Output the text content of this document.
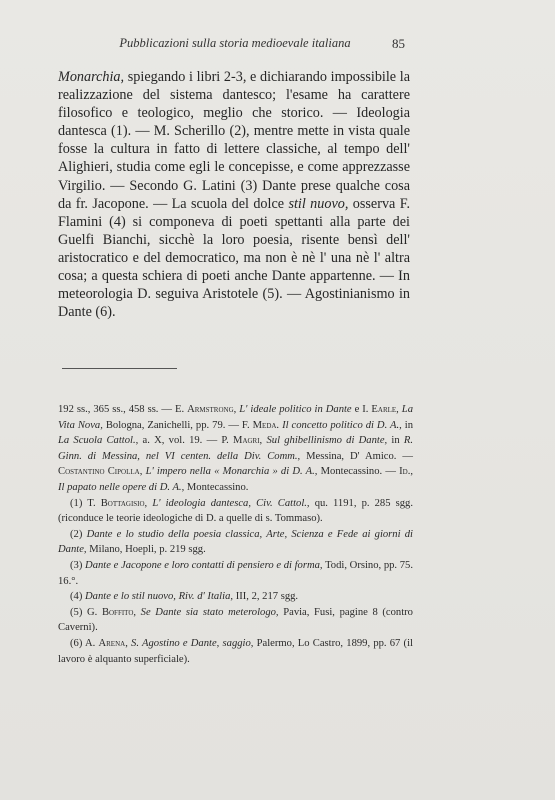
Pubblicazioni sulla storia medioevale italiana	85

Monarchia, spiegando i libri 2-3, e dichiarando impossibile la realizzazione del sistema dantesco; l'esame ha carattere filosofico e teologico, meglio che storico. — Ideologia dantesca (1). — M. Scherillo (2), mentre mette in vista quale fosse la cultura in fatto di lettere classiche, al tempo dell' Alighieri, studia come egli le concepisse, e come apprezzasse Virgilio. — Secondo G. Latini (3) Dante prese qualche cosa da fr. Jacopone. — La scuola del dolce stil nuovo, osserva F. Flamini (4) si componeva di poeti spettanti alla parte dei Guelfi Bianchi, sicchè la loro poesia, risente bensì dell' aristocratico e del democratico, ma non è nè l' una nè l' altra cosa; a questa schiera di poeti anche Dante appartenne. — In meteorologia D. seguiva Aristotele (5). — Agostinianismo in Dante (6).

192 ss., 365 ss., 458 ss. — E. Armstrong, L' ideale politico in Dante e I. Earle, La Vita Nova, Bologna, Zanichelli, pp. 79. — F. Meda. Il concetto politico di D. A., in La Scuola Cattol., a. X, vol. 19. — P. Magri, Sul ghibellinismo di Dante, in R. Ginn. di Messina, nel VI centen. della Div. Comm., Messina, D' Amico. — Costantino Cipolla, L' impero nella « Monarchia » di D. A., Montecassino. — Id., Il papato nelle opere di D. A., Montecassino.

(1) T. Bottagisio, L' ideologia dantesca, Civ. Cattol., qu. 1191, p. 285 sgg. (riconduce le teorie ideologiche di D. a quelle di s. Tommaso).

(2) Dante e lo studio della poesia classica, Arte, Scienza e Fede ai giorni di Dante, Milano, Hoepli, p. 219 sgg.

(3) Dante e Jacopone e loro contatti di pensiero e di forma, Todi, Orsino, pp. 75. 16.°.

(4) Dante e lo stil nuovo, Riv. d' Italia, III, 2, 217 sgg.

(5) G. Boffito, Se Dante sia stato meterologo, Pavia, Fusi, pagine 8 (contro Caverni).

(6) A. Arena, S. Agostino e Dante, saggio, Palermo, Lo Castro, 1899, pp. 67 (il lavoro è alquanto superficiale).
